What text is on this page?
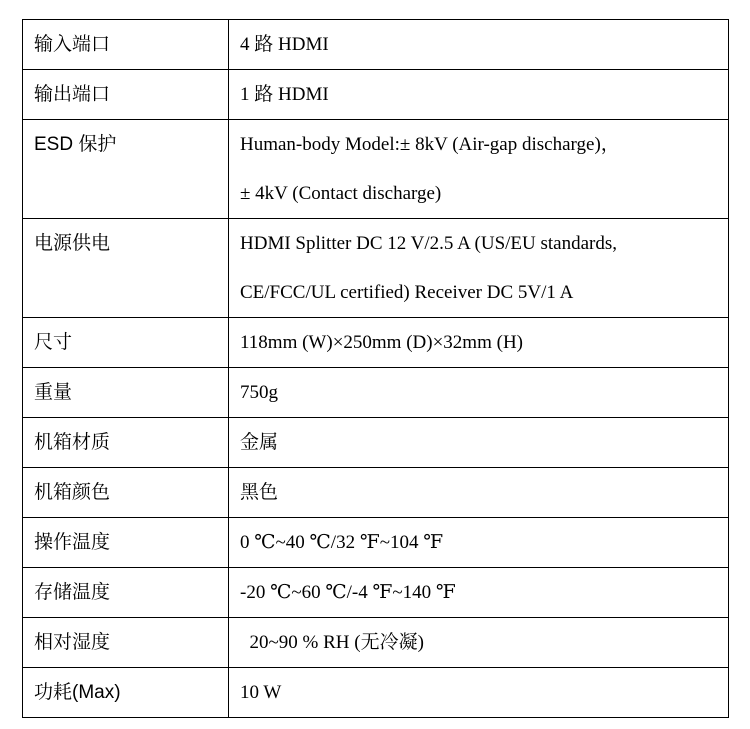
输入端口	4 路 HDMI

输出端口	1 路 HDMI

ESD 保护	Human-body Model:± 8kV (Air-gap discharge)，
± 4kV (Contact discharge)

电源供电	HDMI Splitter DC 12 V/2.5 A (US/EU standards,
CE/FCC/UL certified) Receiver DC 5V/1 A

尺寸	118mm (W)×250mm (D)×32mm (H)

重量	750g

机箱材质	金属

机箱颜色	黑色

操作温度	0 ℃~40 ℃/32 ℉~104 ℉

存储温度	-20 ℃~60 ℃/-4 ℉~140 ℉

相对湿度	20~90 % RH (无冷凝)

功耗(Max)	10 W
